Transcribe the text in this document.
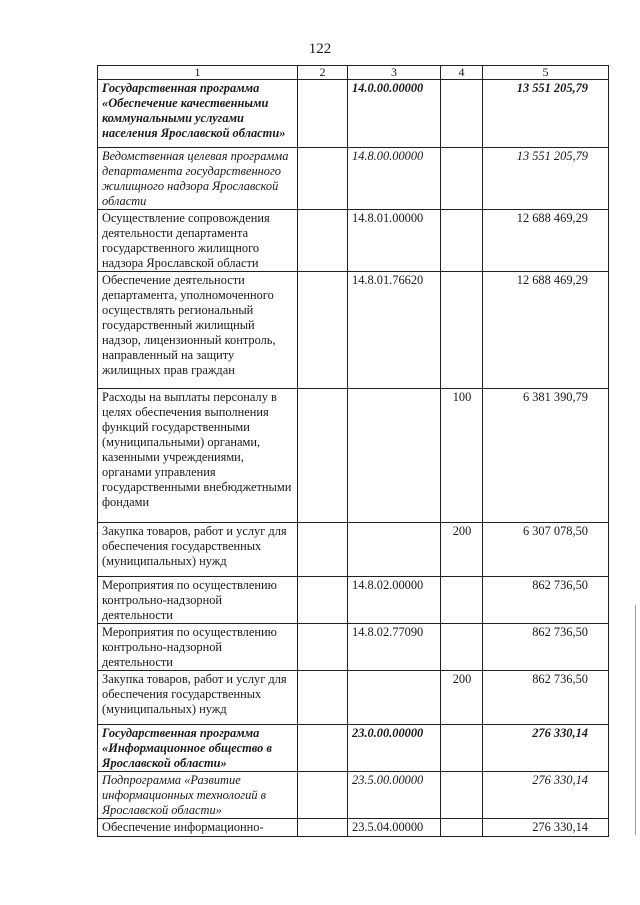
122
1	2	3	4	5
Государственная программа «Обеспечение качественными коммунальными услугами населения Ярославской области»		14.0.00.00000		13 551 205,79
Ведомственная целевая программа департамента государственного жилищного надзора Ярославской области		14.8.00.00000		13 551 205,79
Осуществление сопровождения деятельности департамента государственного жилищного надзора Ярославской области		14.8.01.00000		12 688 469,29
Обеспечение деятельности департамента, уполномоченного осуществлять региональный государственный жилищный надзор, лицензионный контроль, направленный на защиту жилищных прав граждан		14.8.01.76620		12 688 469,29
Расходы на выплаты персоналу в целях обеспечения выполнения функций государственными (муниципальными) органами, казенными учреждениями, органами управления государственными внебюджетными фондами			100	6 381 390,79
Закупка товаров, работ и услуг для обеспечения государственных (муниципальных) нужд			200	6 307 078,50
Мероприятия по осуществлению контрольно-надзорной деятельности		14.8.02.00000		862 736,50
Мероприятия по осуществлению контрольно-надзорной деятельности		14.8.02.77090		862 736,50
Закупка товаров, работ и услуг для обеспечения государственных (муниципальных) нужд			200	862 736,50
Государственная программа «Информационное общество в Ярославской области»		23.0.00.00000		276 330,14
Подпрограмма «Развитие информационных технологий в Ярославской области»		23.5.00.00000		276 330,14
Обеспечение информационно-		23.5.04.00000		276 330,14
